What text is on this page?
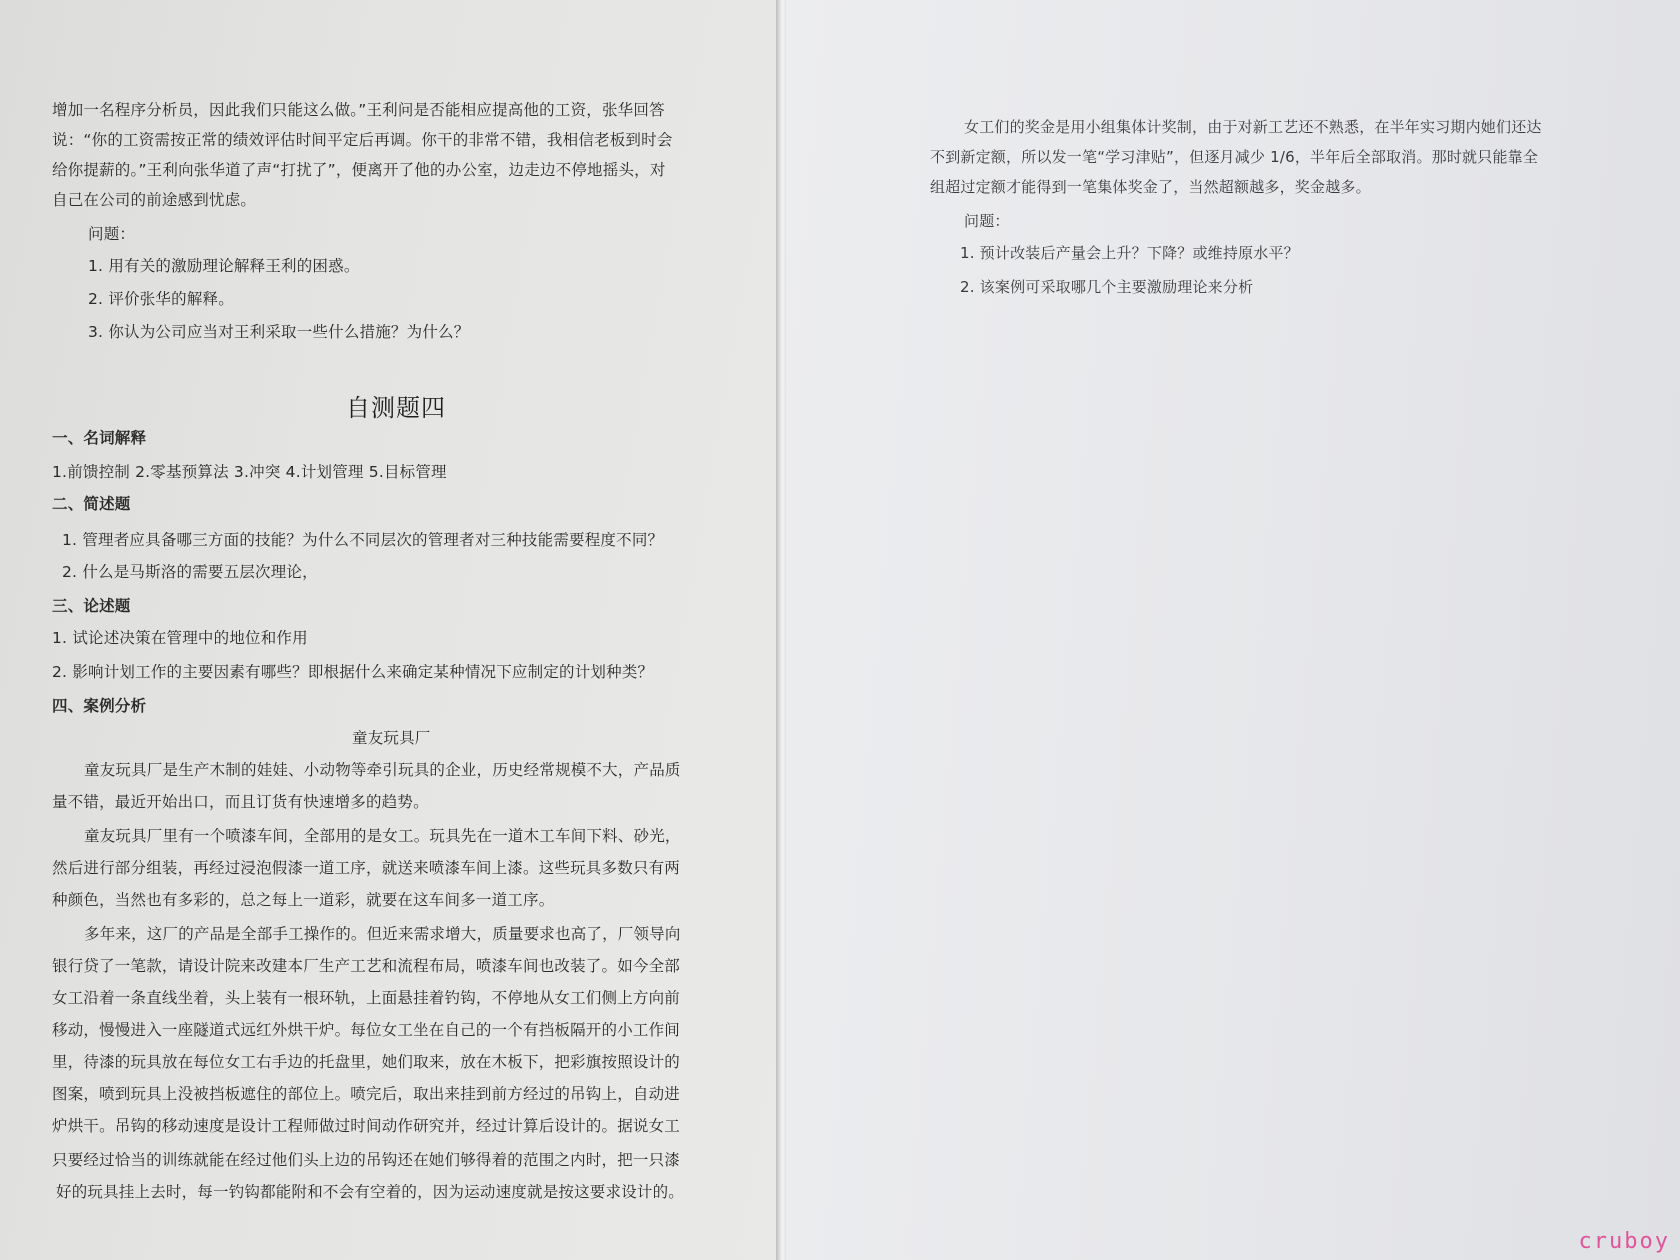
增加一名程序分析员，因此我们只能这么做。”王利问是否能相应提高他的工资，张华回答
说：“你的工资需按正常的绩效评估时间平定后再调。你干的非常不错，我相信老板到时会
给你提薪的。”王利向张华道了声“打扰了”，便离开了他的办公室，边走边不停地摇头，对
自己在公司的前途感到忧虑。
问题：
1. 用有关的激励理论解释王利的困惑。
2. 评价张华的解释。
3. 你认为公司应当对王利采取一些什么措施？为什么？
自测题四
一、名词解释
1.前馈控制 2.零基预算法 3.冲突 4.计划管理 5.目标管理
二、简述题
1. 管理者应具备哪三方面的技能？为什么不同层次的管理者对三种技能需要程度不同？
2. 什么是马斯洛的需要五层次理论，
三、论述题
1. 试论述决策在管理中的地位和作用
2. 影响计划工作的主要因素有哪些？即根据什么来确定某种情况下应制定的计划种类？
四、案例分析
童友玩具厂
童友玩具厂是生产木制的娃娃、小动物等牵引玩具的企业，历史经常规模不大，产品质
量不错，最近开始出口，而且订货有快速增多的趋势。
童友玩具厂里有一个喷漆车间，全部用的是女工。玩具先在一道木工车间下料、砂光，
然后进行部分组装，再经过浸泡假漆一道工序，就送来喷漆车间上漆。这些玩具多数只有两
种颜色，当然也有多彩的，总之每上一道彩，就要在这车间多一道工序。
多年来，这厂的产品是全部手工操作的。但近来需求增大，质量要求也高了，厂领导向
银行贷了一笔款，请设计院来改建本厂生产工艺和流程布局，喷漆车间也改装了。如今全部
女工沿着一条直线坐着，头上装有一根环轨，上面悬挂着钓钩，不停地从女工们侧上方向前
移动，慢慢进入一座隧道式远红外烘干炉。每位女工坐在自己的一个有挡板隔开的小工作间
里，待漆的玩具放在每位女工右手边的托盘里，她们取来，放在木板下，把彩旗按照设计的
图案，喷到玩具上没被挡板遮住的部位上。喷完后，取出来挂到前方经过的吊钩上，自动进
炉烘干。吊钩的移动速度是设计工程师做过时间动作研究并，经过计算后设计的。据说女工
只要经过恰当的训练就能在经过他们头上边的吊钩还在她们够得着的范围之内时，把一只漆
好的玩具挂上去时，每一钓钩都能附和不会有空着的，因为运动速度就是按这要求设计的。
女工们的奖金是用小组集体计奖制，由于对新工艺还不熟悉，在半年实习期内她们还达
不到新定额，所以发一笔“学习津贴”，但逐月减少 1/6，半年后全部取消。那时就只能靠全
组超过定额才能得到一笔集体奖金了，当然超额越多，奖金越多。
问题：
1. 预计改装后产量会上升？下降？或维持原水平？
2. 该案例可采取哪几个主要激励理论来分析
cruboy
